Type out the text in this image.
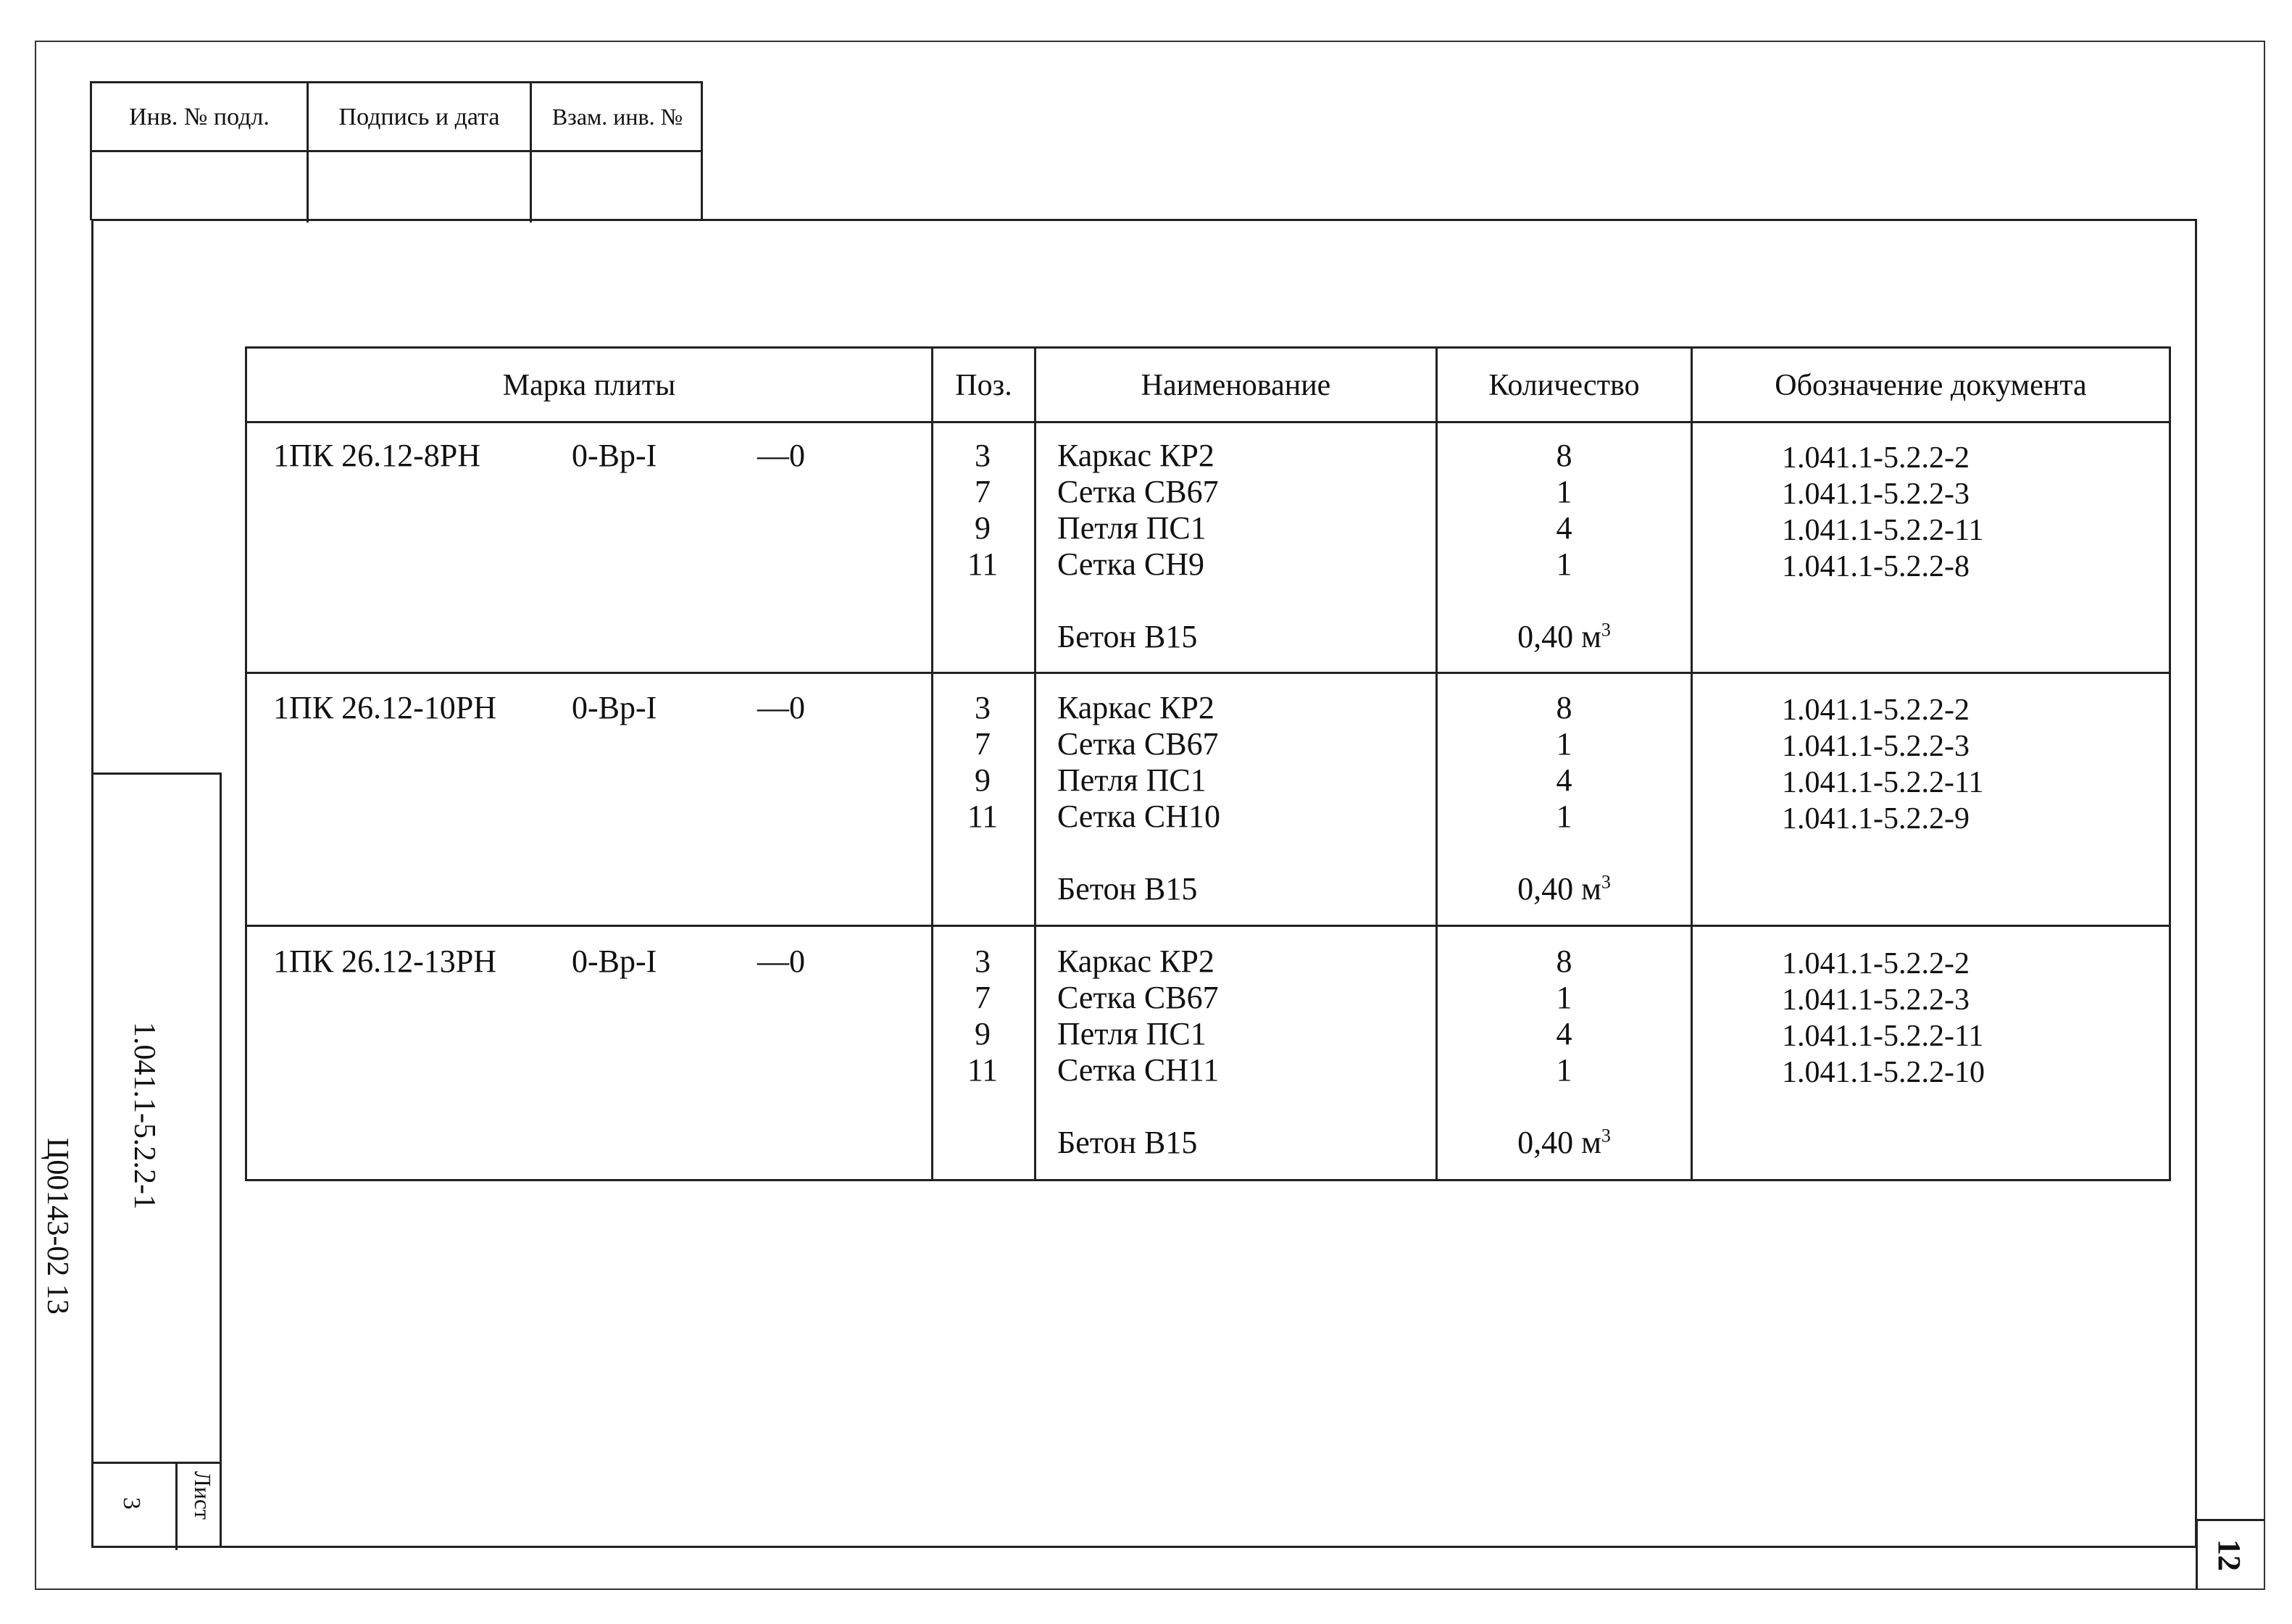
Инв. № подл.	Подпись и дата	Взам. инв. №
1.041.1-5.2.2-1
Ц00143-02 13
Лист
3
12
Марка плиты	Поз.	Наименование	Количество	Обозначение документа
1ПК 26.12-8РН	0-Вр-I	—0	3	Каркас КР2	8	1.041.1-5.2.2-2
7	Сетка СВ67	1	1.041.1-5.2.2-3
9	Петля ПС1	4	1.041.1-5.2.2-11
11	Сетка СН9	1	1.041.1-5.2.2-8
Бетон В15	0,40 $м^3$
1ПК 26.12-10РН 0-Вр-I	—0	3	Каркас КР2	8	1.041.1-5.2.2-2
7	Сетка СВ67	1	1.041.1-5.2.2-3
9	Петля ПС1	4	1.041.1-5.2.2-11
11	Сетка СН10	1	1.041.1-5.2.2-9
Бетон В15	0,40 $м^3$
1ПК 26.12-13РН 0-Вр-I	—0	3	Каркас КР2	8	1.041.1-5.2.2-2
7	Сетка СВ67	1	1.041.1-5.2.2-3
9	Петля ПС1	4	1.041.1-5.2.2-11
11	Сетка СН11	1	1.041.1-5.2.2-10
Бетон В15	0,40 $м^3$
